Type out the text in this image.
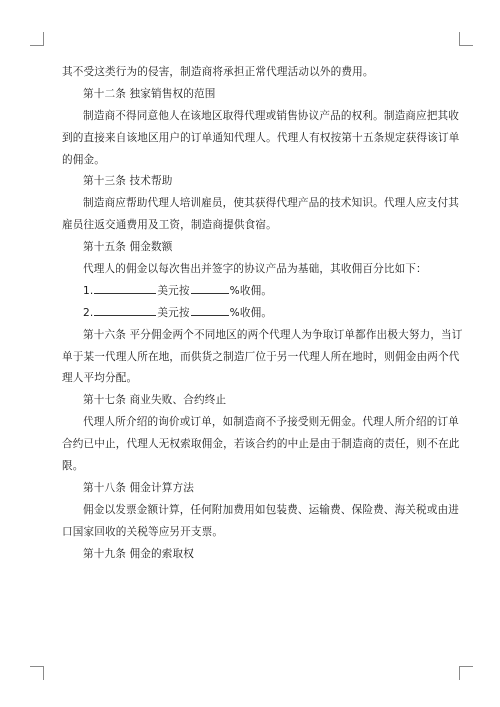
其不受这类行为的侵害，制造商将承担正常代理活动以外的费用。
第十二条 独家销售权的范围
制造商不得同意他人在该地区取得代理或销售协议产品的权利。制造商应把其收
到的直接来自该地区用户的订单通知代理人。代理人有权按第十五条规定获得该订单
的佣金。
第十三条 技术帮助
制造商应帮助代理人培训雇员，使其获得代理产品的技术知识。代理人应支付其
雇员往返交通费用及工资，制造商提供食宿。
第十五条 佣金数额
代理人的佣金以每次售出并签字的协议产品为基础，其收佣百分比如下：
1.	美元按	%收佣。
2.	美元按	%收佣。
第十六条 平分佣金两个不同地区的两个代理人为争取订单都作出极大努力，当订
单于某一代理人所在地，而供货之制造厂位于另一代理人所在地时，则佣金由两个代
理人平均分配。
第十七条 商业失败、合约终止
代理人所介绍的询价或订单，如制造商不予接受则无佣金。代理人所介绍的订单
合约已中止，代理人无权索取佣金，若该合约的中止是由于制造商的责任，则不在此
限。
第十八条 佣金计算方法
佣金以发票金额计算，任何附加费用如包装费、运输费、保险费、海关税或由进
口国家回收的关税等应另开支票。
第十九条 佣金的索取权
